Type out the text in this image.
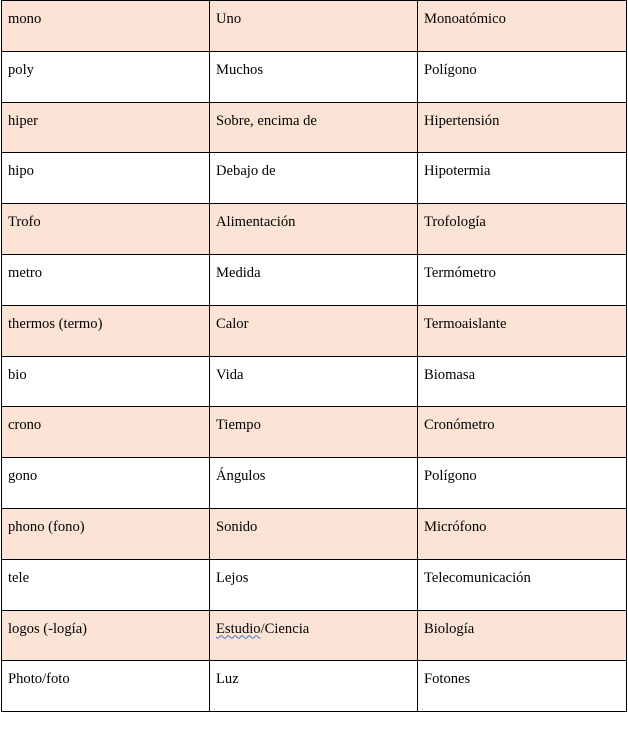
mono	Uno	Monoatómico

poly	Muchos	Polígono

hiper	Sobre, encima de	Hipertensión

hipo	Debajo de	Hipotermia

Trofo	Alimentación	Trofología

metro	Medida	Termómetro

thermos (termo)	Calor	Termoaislante

bio	Vida	Biomasa

crono	Tiempo	Cronómetro

gono	Ángulos	Polígono

phono (fono)	Sonido	Micrófono

tele	Lejos	Telecomunicación

logos (-logía)	Estudio/Ciencia	Biología

Photo/foto	Luz	Fotones
